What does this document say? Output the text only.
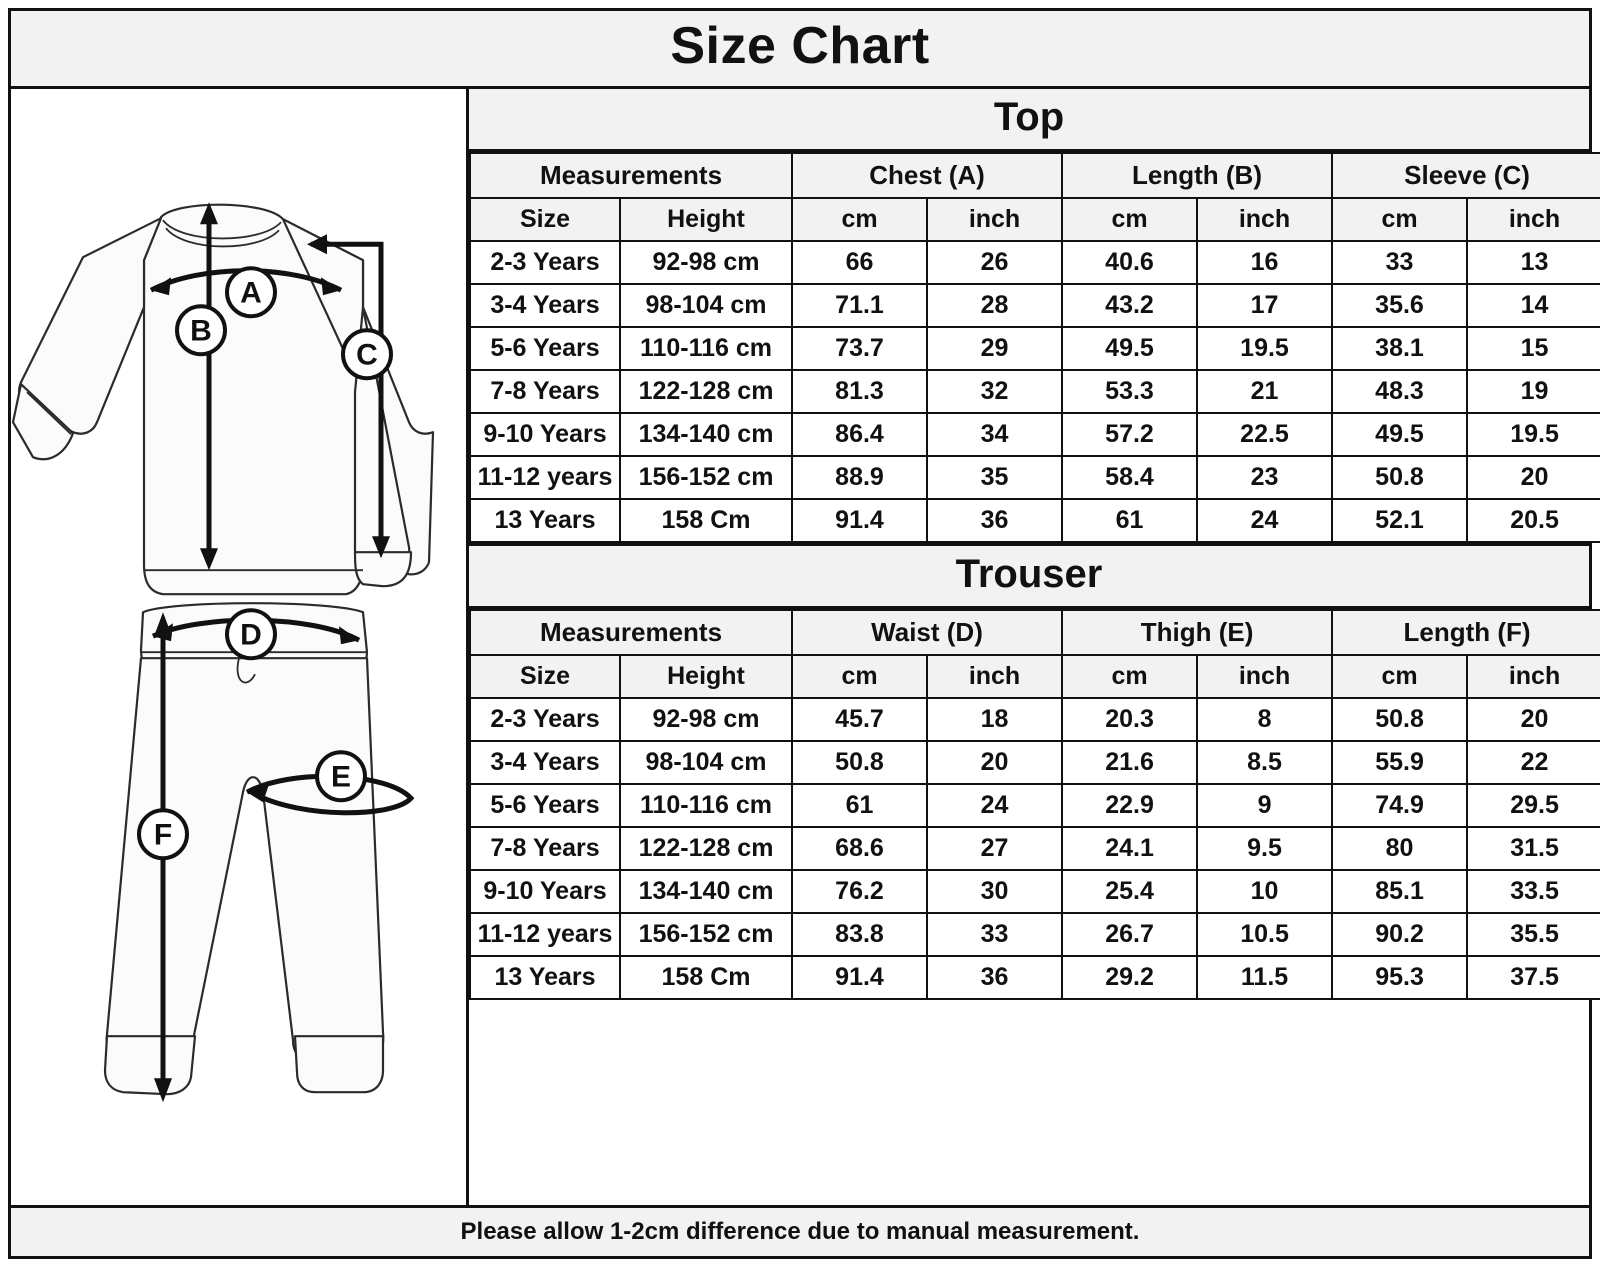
Size Chart
A
B
C
D
E
F
Top
Measurements		Chest (A)		Length (B)		Sleeve (C)	
Size	Height	cm	inch	cm	inch	cm	inch
2-3 Years	92-98 cm	66	26	40.6	16	33	13
3-4 Years	98-104 cm	71.1	28	43.2	17	35.6	14
5-6 Years	110-116 cm	73.7	29	49.5	19.5	38.1	15
7-8 Years	122-128 cm	81.3	32	53.3	21	48.3	19
9-10 Years	134-140 cm	86.4	34	57.2	22.5	49.5	19.5
11-12 years	156-152 cm	88.9	35	58.4	23	50.8	20
13 Years	158 Cm	91.4	36	61	24	52.1	20.5
Trouser
Measurements		Waist (D)		Thigh (E)		Length (F)	
Size	Height	cm	inch	cm	inch	cm	inch
2-3 Years	92-98 cm	45.7	18	20.3	8	50.8	20
3-4 Years	98-104 cm	50.8	20	21.6	8.5	55.9	22
5-6 Years	110-116 cm	61	24	22.9	9	74.9	29.5
7-8 Years	122-128 cm	68.6	27	24.1	9.5	80	31.5
9-10 Years	134-140 cm	76.2	30	25.4	10	85.1	33.5
11-12 years	156-152 cm	83.8	33	26.7	10.5	90.2	35.5
13 Years	158 Cm	91.4	36	29.2	11.5	95.3	37.5
Please allow 1-2cm difference due to manual measurement.
